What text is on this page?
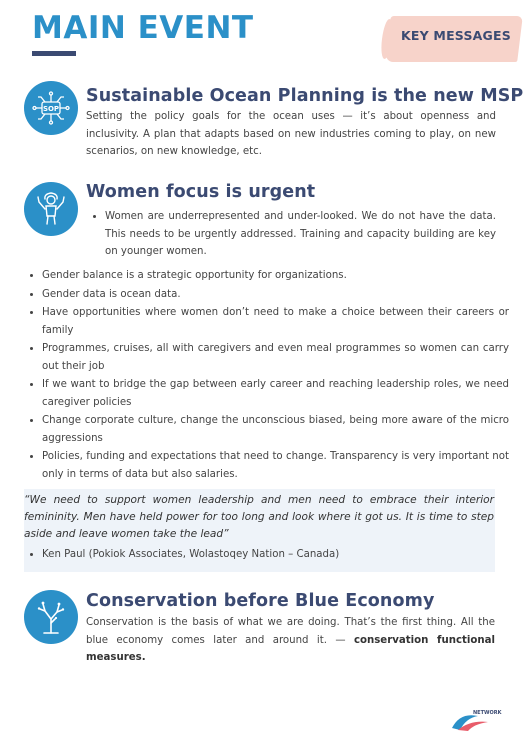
MAIN EVENT	KEY MESSAGES

SOP
Sustainable Ocean Planning is the new MSP

Setting the policy goals for the ocean uses — it’s about openness and inclusivity. A plan that adapts based on new industries coming to play, on new scenarios, on new knowledge, etc.

Women focus is urgent
• Women are underrepresented and under-looked. We do not have the data. This needs to be urgently addressed. Training and capacity building are key on younger women.
• Gender balance is a strategic opportunity for organizations.
• Gender data is ocean data.
• Have opportunities where women don’t need to make a choice between their careers or family
• Programmes, cruises, all with caregivers and even meal programmes so women can carry out their job
• If we want to bridge the gap between early career and reaching leadership roles, we need caregiver policies
• Change corporate culture, change the unconscious biased, being more aware of the micro aggressions
• Policies, funding and expectations that need to change. Transparency is very important not only in terms of data but also salaries.

“We need to support women leadership and men need to embrace their interior femininity. Men have held power for too long and look where it got us. It is time to step aside and leave women take the lead”

• Ken Paul (Pokiok Associates, Wolastoqey Nation – Canada)
Conservation before Blue Economy

Conservation is the basis of what we are doing. That’s the first thing. All the blue economy comes later and around it. — conservation functional measures.

NETWORK
